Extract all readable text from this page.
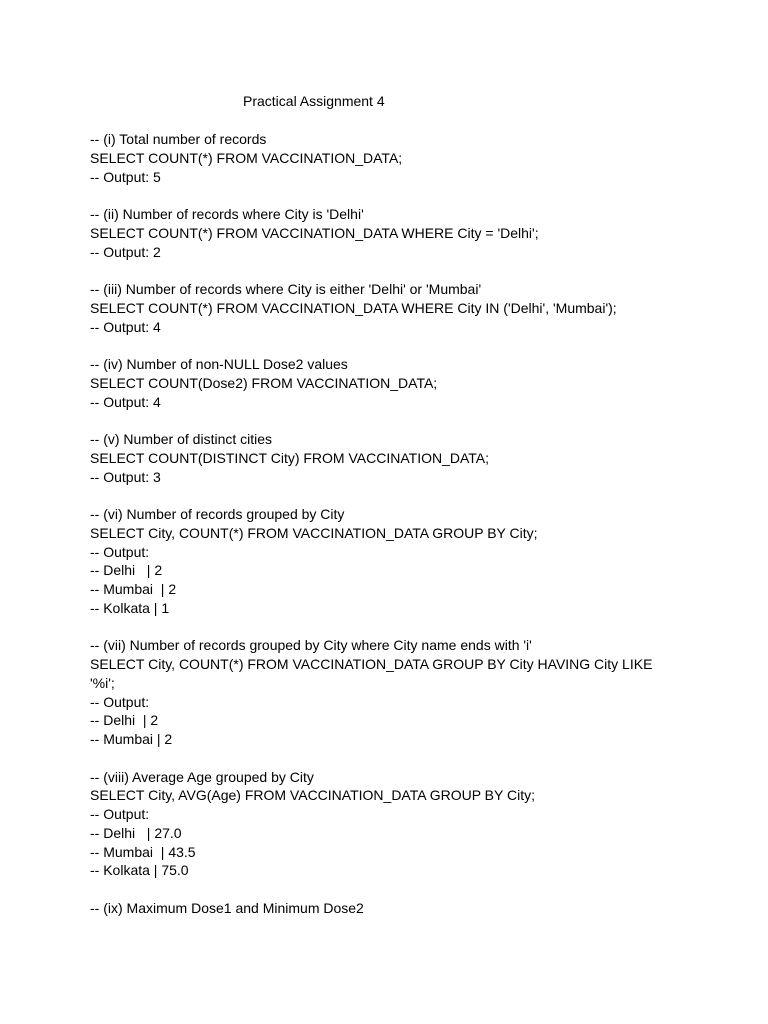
Practical Assignment 4
-- (i) Total number of records
SELECT COUNT(*) FROM VACCINATION_DATA;
-- Output: 5
-- (ii) Number of records where City is 'Delhi'
SELECT COUNT(*) FROM VACCINATION_DATA WHERE City = 'Delhi';
-- Output: 2
-- (iii) Number of records where City is either 'Delhi' or 'Mumbai'
SELECT COUNT(*) FROM VACCINATION_DATA WHERE City IN ('Delhi', 'Mumbai');
-- Output: 4
-- (iv) Number of non-NULL Dose2 values
SELECT COUNT(Dose2) FROM VACCINATION_DATA;
-- Output: 4
-- (v) Number of distinct cities
SELECT COUNT(DISTINCT City) FROM VACCINATION_DATA;
-- Output: 3
-- (vi) Number of records grouped by City
SELECT City, COUNT(*) FROM VACCINATION_DATA GROUP BY City;
-- Output:
-- Delhi   | 2
-- Mumbai  | 2
-- Kolkata | 1
-- (vii) Number of records grouped by City where City name ends with 'i'
SELECT City, COUNT(*) FROM VACCINATION_DATA GROUP BY City HAVING City LIKE
'%i';
-- Output:
-- Delhi  | 2
-- Mumbai | 2
-- (viii) Average Age grouped by City
SELECT City, AVG(Age) FROM VACCINATION_DATA GROUP BY City;
-- Output:
-- Delhi   | 27.0
-- Mumbai  | 43.5
-- Kolkata | 75.0
-- (ix) Maximum Dose1 and Minimum Dose2
